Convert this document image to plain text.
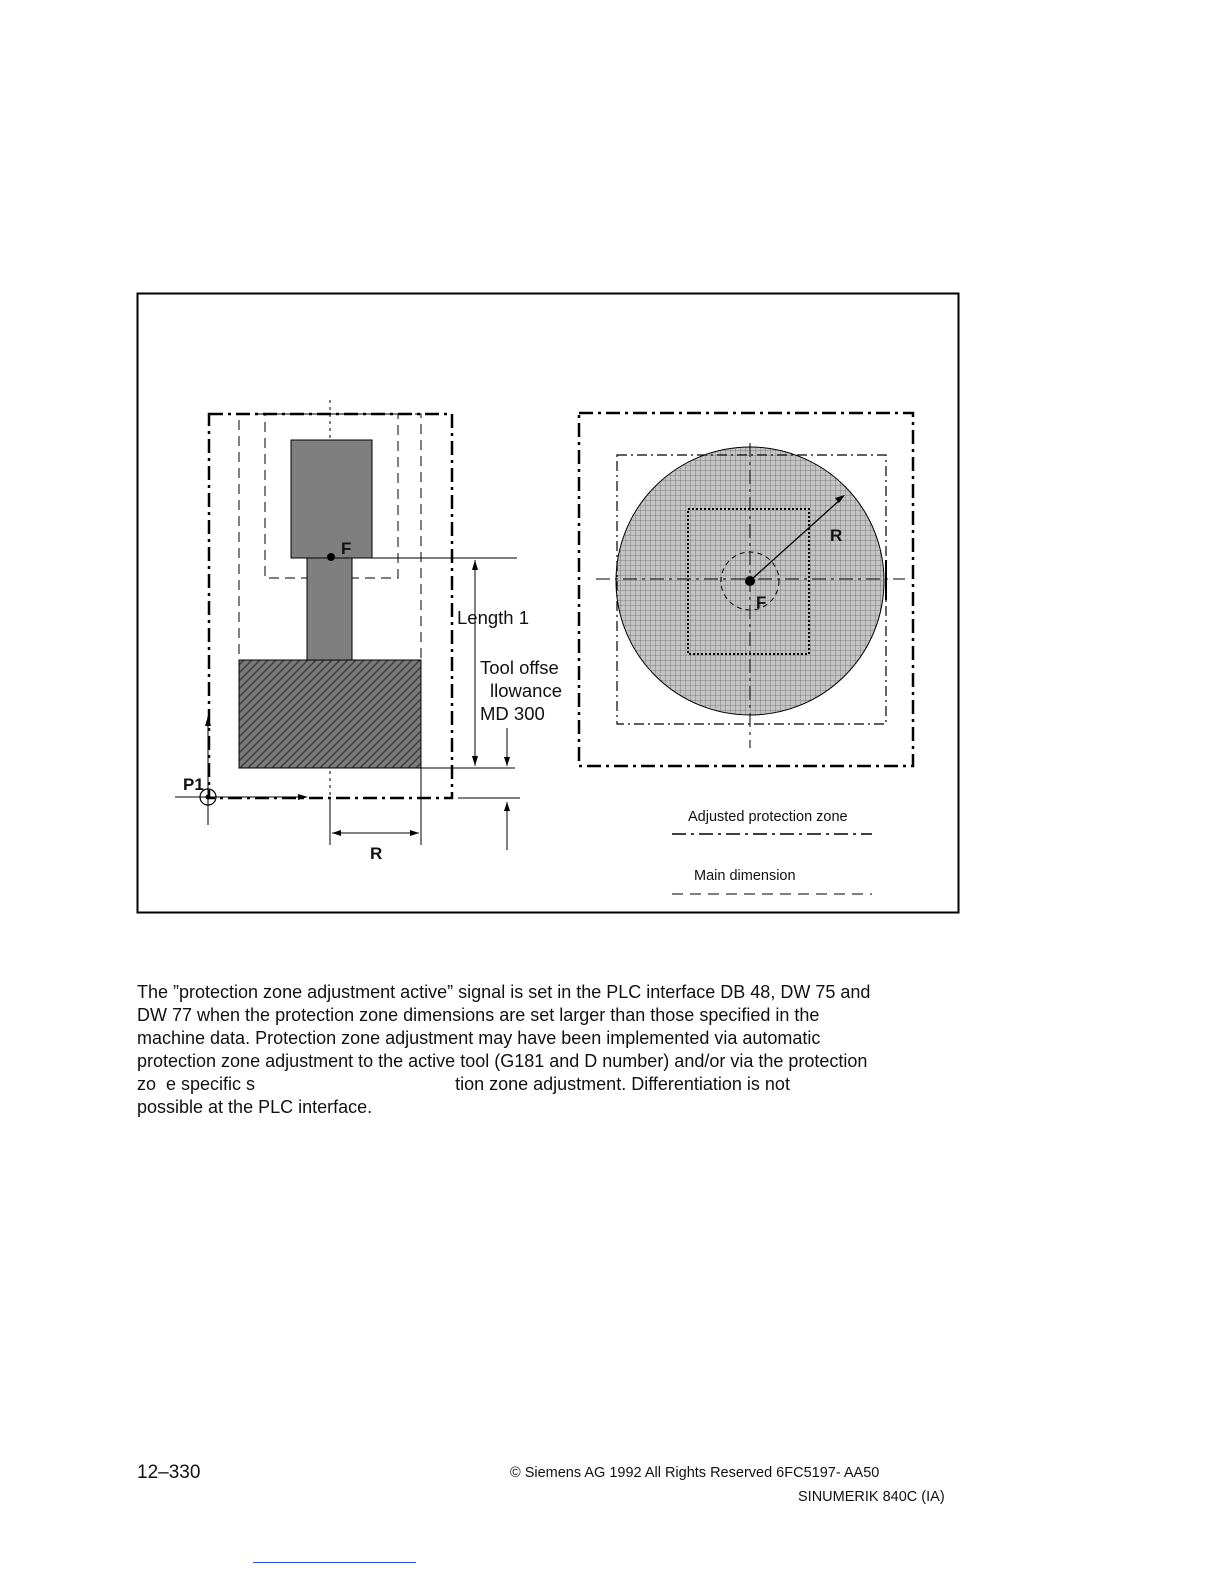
F
Length 1
Tool offse
llowance
MD 300
P1
R
R
F
Adjusted protection zone
Main dimension
The ”protection zone adjustment active” signal is set in the PLC interface DB 48, DW 75 and
DW 77 when the protection zone dimensions are set larger than those specified in the
machine data. Protection zone adjustment may have been implemented via automatic
protection zone adjustment to the active tool (G181 and D number) and/or via the protection
zo  e specific s                                        tion zone adjustment. Differentiation is not
possible at the PLC interface.
12–330	© Siemens AG 1992 All Rights Reserved 6FC5197- AA50
SINUMERIK 840C (IA)
